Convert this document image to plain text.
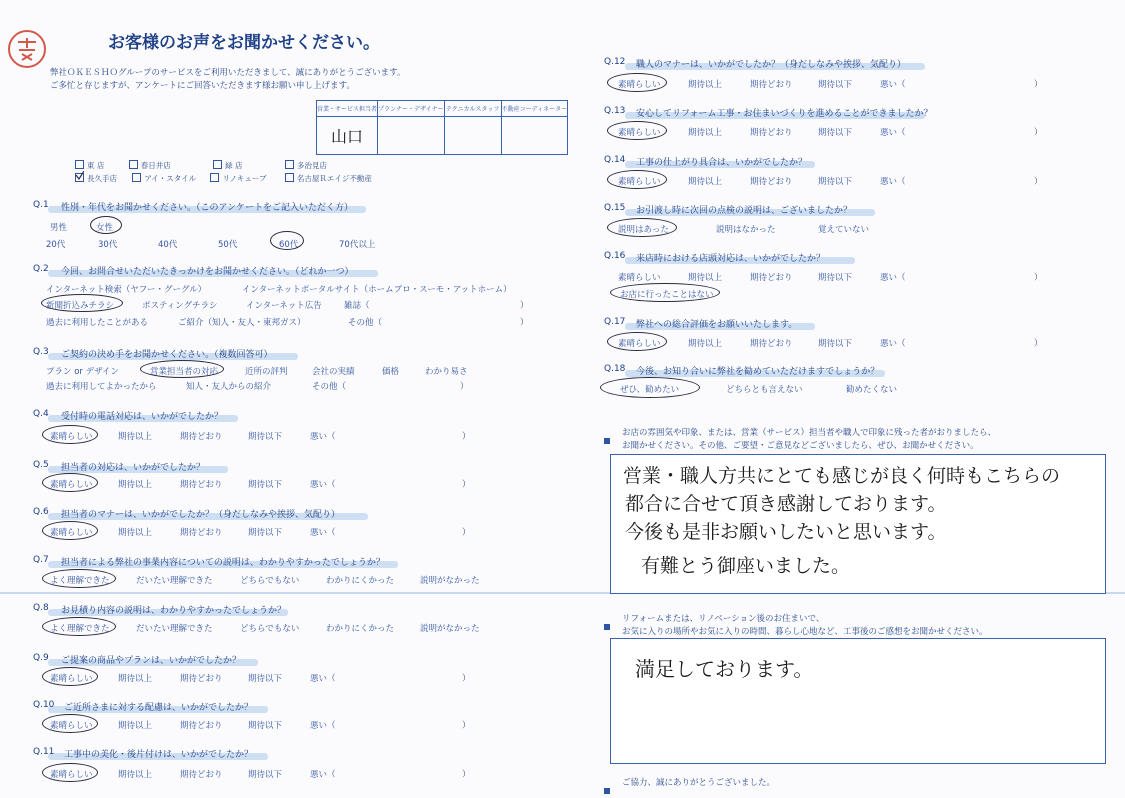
お客様のお声をお聞かせください。
弊社ＯＫＥＳＨＯグループのサービスをご利用いただきまして、誠にありがとうございます。
ご多忙と存じますが、アンケートにご回答いただきます様お願い申し上げます。
営業・サービス担当者	プランナー・デザイナー	テクニカルスタッフ	不動産コーディネーター
山口			
東 店	春日井店	緑 店	多治見店
長久手店	アイ・スタイル	リノキューブ	名古屋Ｒエイジ不動産
Q.1 性別・年代をお聞かせください。（このアンケートをご記入いただく方）
男性	女性
20代	30代	40代	50代	60代	70代以上
Q.2 今回、お問合せいただいたきっかけをお聞かせください。（どれか一つ）
インターネット検索（ヤフー・グーグル）	インターネットポータルサイト（ホームプロ・スーモ・アットホーム）
新聞折込みチラシ	ポスティングチラシ	インターネット広告	雑誌（	）
過去に利用したことがある	ご紹介（知人・友人・東邦ガス）	その他（	）
Q.3 ご契約の決め手をお聞かせください。（複数回答可）
プラン or デザイン	営業担当者の対応	近所の評判	会社の実績	価格	わかり易さ
過去に利用してよかったから	知人・友人からの紹介	その他（	）
Q.4 受付時の電話対応は、いかがでしたか？
素晴らしい	期待以上	期待どおり	期待以下	悪い（	）
Q.5 担当者の対応は、いかがでしたか？
素晴らしい	期待以上	期待どおり	期待以下	悪い（	）
Q.6 担当者のマナーは、いかがでしたか？（身だしなみや挨拶、気配り）
素晴らしい	期待以上	期待どおり	期待以下	悪い（	）
Q.7 担当者による弊社の事業内容についての説明は、わかりやすかったでしょうか？
よく理解できた	だいたい理解できた	どちらでもない	わかりにくかった	説明がなかった
Q.8 お見積り内容の説明は、わかりやすかったでしょうか？
よく理解できた	だいたい理解できた	どちらでもない	わかりにくかった	説明がなかった
Q.9 ご提案の商品やプランは、いかがでしたか？
素晴らしい	期待以上	期待どおり	期待以下	悪い（	）
Q.10 ご近所さまに対する配慮は、いかがでしたか？
素晴らしい	期待以上	期待どおり	期待以下	悪い（	）
Q.11 工事中の美化・後片付けは、いかがでしたか？
素晴らしい	期待以上	期待どおり	期待以下	悪い（	）
Q.12 職人のマナーは、いかがでしたか？（身だしなみや挨拶、気配り）
素晴らしい	期待以上	期待どおり	期待以下	悪い（	）
Q.13 安心してリフォーム工事・お住まいづくりを進めることができましたか？
素晴らしい	期待以上	期待どおり	期待以下	悪い（	）
Q.14 工事の仕上がり具合は、いかがでしたか？
素晴らしい	期待以上	期待どおり	期待以下	悪い（	）
Q.15 お引渡し時に次回の点検の説明は、ございましたか？
説明はあった	説明はなかった	覚えていない
Q.16 来店時における店頭対応は、いかがでしたか？
素晴らしい	期待以上	期待どおり	期待以下	悪い（	）
お店に行ったことはない
Q.17 弊社への総合評価をお願いいたします。
素晴らしい	期待以上	期待どおり	期待以下	悪い（	）
Q.18 今後、お知り合いに弊社を勧めていただけますでしょうか？
ぜひ、勧めたい	どちらとも言えない	勧めたくない
お店の雰囲気や印象、または、営業（サービス）担当者や職人で印象に残った者がおりましたら、
お聞かせください。その他、ご要望・ご意見などございましたら、ぜひ、お聞かせください。
営業・職人方共にとても感じが良く何時もこちらの
都合に合せて頂き感謝しております。
今後も是非お願いしたいと思います。
有難とう御座いました。
リフォームまたは、リノベーション後のお住まいで、
お気に入りの場所やお気に入りの時間、暮らし心地など、工事後のご感想をお聞かせください。
満足しております。
ご協力、誠にありがとうございました。
